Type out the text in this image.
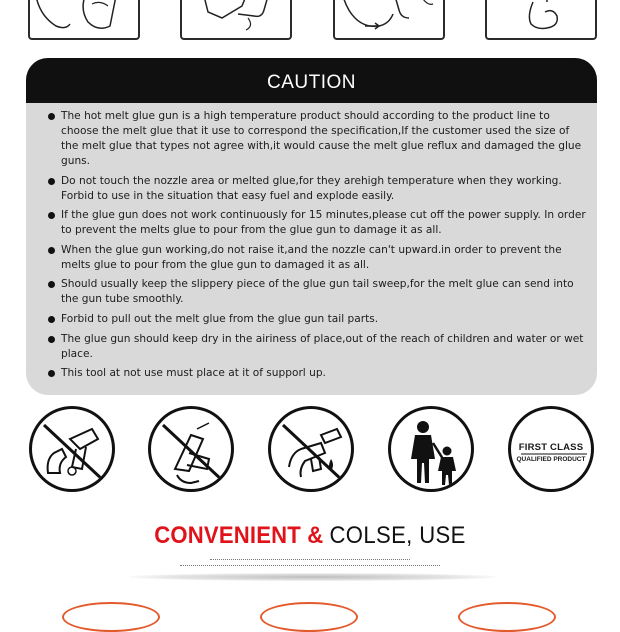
CAUTION
The hot melt glue gun is a high temperature product should according to the product line to choose the melt glue that it use to correspond the specification,If the customer used the size of the melt glue that types not agree with,it would cause the melt glue reflux and damaged the glue guns.
Do not touch the nozzle area or melted glue,for they arehigh temperature when they working. Forbid to use in the situation that easy fuel and explode easily.
If the glue gun does not work continuously for 15 minutes,please cut off the power supply. In order to prevent the melts glue to pour from the glue gun to damage it as all.
When the glue gun working,do not raise it,and the nozzle can't upward.in order to prevent the melts glue to pour from the glue gun to damaged it as all.
Should usually keep the slippery piece of the glue gun tail sweep,for the melt glue can send into the gun tube smoothly.
Forbid to pull out the melt glue from the glue gun tail parts.
The glue gun should keep dry in the airiness of place,out of the reach of children and water or wet place.
This tool at not use must place at it of supporl up.
FIRST CLASS
QUALIFIED PRODUCT
CONVENIENT & COLSE, USE
